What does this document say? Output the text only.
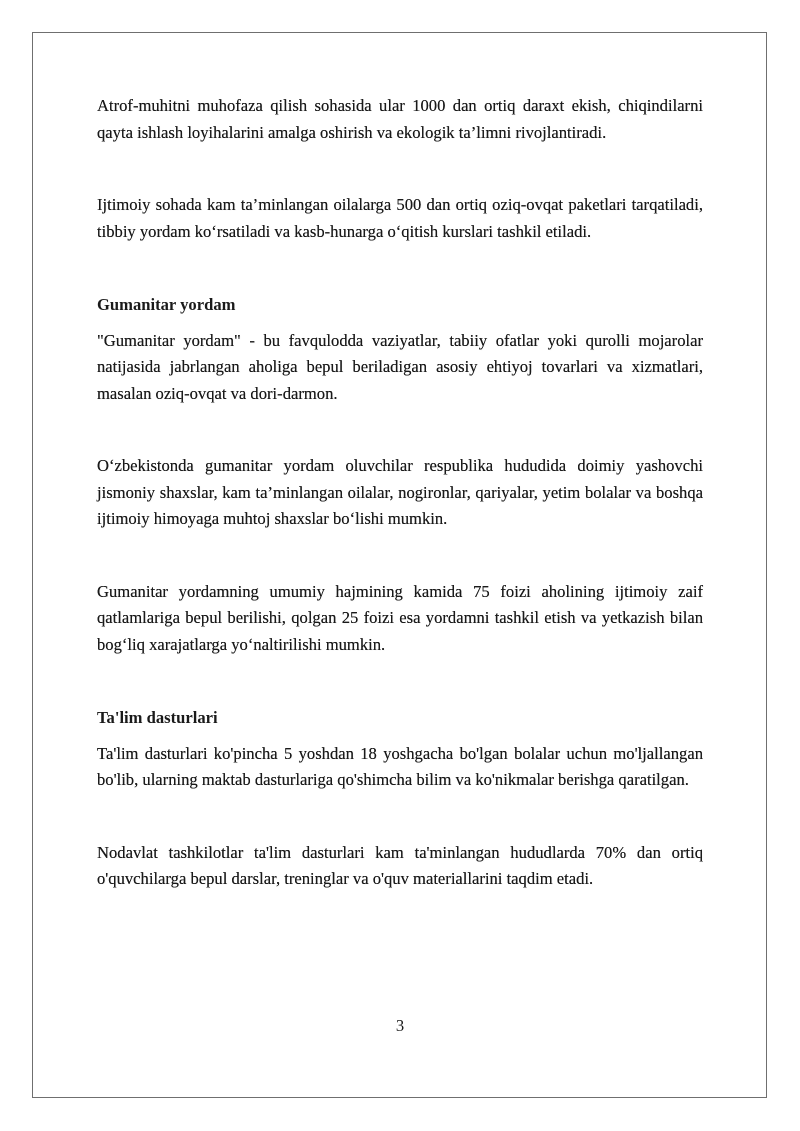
Atrof-muhitni muhofaza qilish sohasida ular 1000 dan ortiq daraxt ekish, chiqindilarni qayta ishlash loyihalarini amalga oshirish va ekologik ta’limni rivojlantiradi.

Ijtimoiy sohada kam ta’minlangan oilalarga 500 dan ortiq oziq-ovqat paketlari tarqatiladi, tibbiy yordam ko‘rsatiladi va kasb-hunarga o‘qitish kurslari tashkil etiladi.

Gumanitar yordam

"Gumanitar yordam" - bu favqulodda vaziyatlar, tabiiy ofatlar yoki qurolli mojarolar natijasida jabrlangan aholiga bepul beriladigan asosiy ehtiyoj tovarlari va xizmatlari, masalan oziq-ovqat va dori-darmon.

O‘zbekistonda gumanitar yordam oluvchilar respublika hududida doimiy yashovchi jismoniy shaxslar, kam ta’minlangan oilalar, nogironlar, qariyalar, yetim bolalar va boshqa ijtimoiy himoyaga muhtoj shaxslar bo‘lishi mumkin.

Gumanitar yordamning umumiy hajmining kamida 75 foizi aholining ijtimoiy zaif qatlamlariga bepul berilishi, qolgan 25 foizi esa yordamni tashkil etish va yetkazish bilan bog‘liq xarajatlarga yo‘naltirilishi mumkin.

Ta'lim dasturlari

Ta'lim dasturlari ko'pincha 5 yoshdan 18 yoshgacha bo'lgan bolalar uchun mo'ljallangan bo'lib, ularning maktab dasturlariga qo'shimcha bilim va ko'nikmalar berishga qaratilgan.

Nodavlat tashkilotlar ta'lim dasturlari kam ta'minlangan hududlarda 70% dan ortiq o'quvchilarga bepul darslar, treninglar va o'quv materiallarini taqdim etadi.

3
